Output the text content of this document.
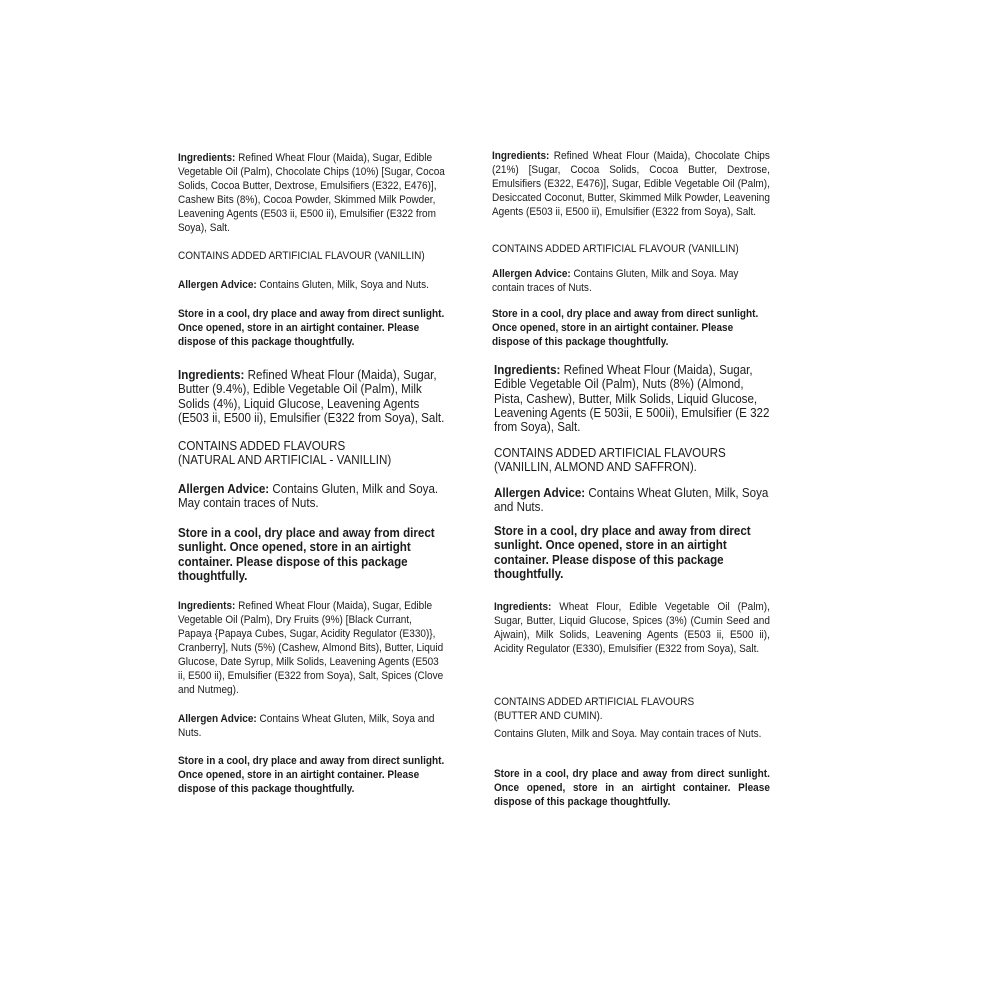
Ingredients: Refined Wheat Flour (Maida), Sugar, Edible Vegetable Oil (Palm), Chocolate Chips (10%) [Sugar, Cocoa Solids, Cocoa Butter, Dextrose, Emulsifiers (E322, E476)], Cashew Bits (8%), Cocoa Powder, Skimmed Milk Powder, Leavening Agents (E503 ii, E500 ii), Emulsifier (E322 from Soya), Salt.

CONTAINS ADDED ARTIFICIAL FLAVOUR (VANILLIN)

Allergen Advice: Contains Gluten, Milk, Soya and Nuts.

Store in a cool, dry place and away from direct sunlight. Once opened, store in an airtight container. Please dispose of this package thoughtfully.

Ingredients: Refined Wheat Flour (Maida), Sugar, Butter (9.4%), Edible Vegetable Oil (Palm), Milk Solids (4%), Liquid Glucose, Leavening Agents (E503 ii, E500 ii), Emulsifier (E322 from Soya), Salt.

CONTAINS ADDED FLAVOURS

(NATURAL AND ARTIFICIAL - VANILLIN)

Allergen Advice: Contains Gluten, Milk and Soya. May contain traces of Nuts.

Store in a cool, dry place and away from direct sunlight. Once opened, store in an airtight container. Please dispose of this package thoughtfully.

Ingredients: Refined Wheat Flour (Maida), Sugar, Edible Vegetable Oil (Palm), Dry Fruits (9%) [Black Currant, Papaya {Papaya Cubes, Sugar, Acidity Regulator (E330)}, Cranberry], Nuts (5%) (Cashew, Almond Bits), Butter, Liquid Glucose, Date Syrup, Milk Solids, Leavening Agents (E503 ii, E500 ii), Emulsifier (E322 from Soya), Salt, Spices (Clove and Nutmeg).

Allergen Advice: Contains Wheat Gluten, Milk, Soya and Nuts.

Store in a cool, dry place and away from direct sunlight. Once opened, store in an airtight container. Please dispose of this package thoughtfully.

Ingredients: Refined Wheat Flour (Maida), Chocolate Chips (21%) [Sugar, Cocoa Solids, Cocoa Butter, Dextrose, Emulsifiers (E322, E476)], Sugar, Edible Vegetable Oil (Palm), Desiccated Coconut, Butter, Skimmed Milk Powder, Leavening Agents (E503 ii, E500 ii), Emulsifier (E322 from Soya), Salt.

CONTAINS ADDED ARTIFICIAL FLAVOUR (VANILLIN)

Allergen Advice: Contains Gluten, Milk and Soya. May contain traces of Nuts.

Store in a cool, dry place and away from direct sunlight. Once opened, store in an airtight container. Please dispose of this package thoughtfully.

Ingredients: Refined Wheat Flour (Maida), Sugar, Edible Vegetable Oil (Palm), Nuts (8%) (Almond, Pista, Cashew), Butter, Milk Solids, Liquid Glucose, Leavening Agents (E 503ii, E 500ii), Emulsifier (E 322 from Soya), Salt.

CONTAINS ADDED ARTIFICIAL FLAVOURS

(VANILLIN, ALMOND AND SAFFRON).

Allergen Advice: Contains Wheat Gluten, Milk, Soya and Nuts.

Store in a cool, dry place and away from direct sunlight. Once opened, store in an airtight container. Please dispose of this package thoughtfully.

Ingredients: Wheat Flour, Edible Vegetable Oil (Palm), Sugar, Butter, Liquid Glucose, Spices (3%) (Cumin Seed and Ajwain), Milk Solids, Leavening Agents (E503 ii, E500 ii), Acidity Regulator (E330), Emulsifier (E322 from Soya), Salt.

CONTAINS ADDED ARTIFICIAL FLAVOURS

(BUTTER AND CUMIN).

Contains Gluten, Milk and Soya. May contain traces of Nuts.

Store in a cool, dry place and away from direct sunlight. Once opened, store in an airtight container. Please dispose of this package thoughtfully.
